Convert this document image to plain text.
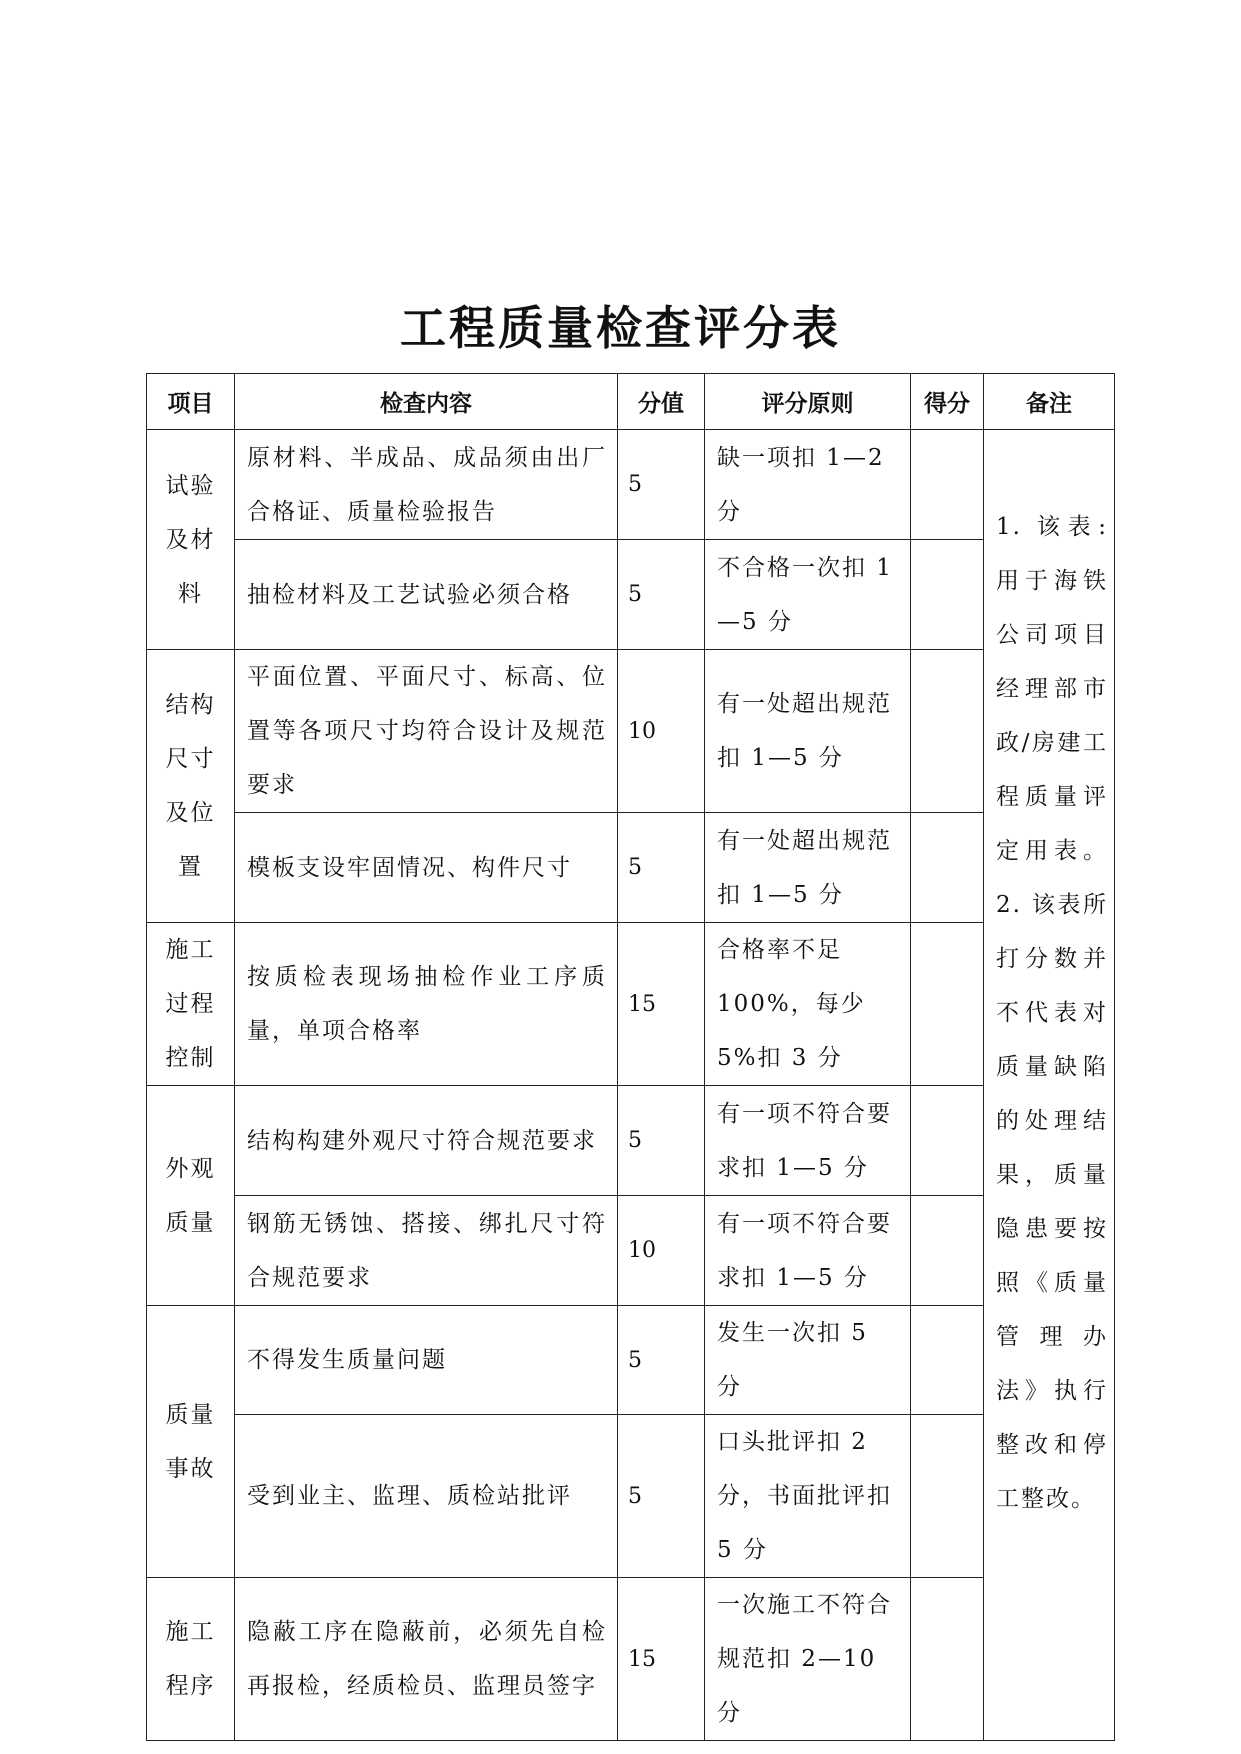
工程质量检查评分表
项目	检查内容	分值	评分原则	得分	备注
试验及材料	原材料、半成品、成品须由出厂合格证、质量检验报告	5	缺一项扣 1—2 分		1. 该表:用于海铁公司项目经理部市政/房建工程质量评定用表。2. 该表所打分数并不代表对质量缺陷的处理结果，质量隐患要按照《质量管理办法》执行整改和停工整改。
	抽检材料及工艺试验必须合格	5	不合格一次扣 1—5 分		
结构尺寸及位置	平面位置、平面尺寸、标高、位置等各项尺寸均符合设计及规范要求	10	有一处超出规范扣 1—5 分		
	模板支设牢固情况、构件尺寸	5	有一处超出规范扣 1—5 分		
施工过程控制	按质检表现场抽检作业工序质量，单项合格率	15	合格率不足 100%，每少 5%扣 3 分		
外观质量	结构构建外观尺寸符合规范要求	5	有一项不符合要求扣 1—5 分		
	钢筋无锈蚀、搭接、绑扎尺寸符合规范要求	10	有一项不符合要求扣 1—5 分		
质量事故	不得发生质量问题	5	发生一次扣 5 分		
	受到业主、监理、质检站批评	5	口头批评扣 2 分，书面批评扣 5 分		
施工程序	隐蔽工序在隐蔽前，必须先自检再报检，经质检员、监理员签字	15	一次施工不符合规范扣 2—10 分		
